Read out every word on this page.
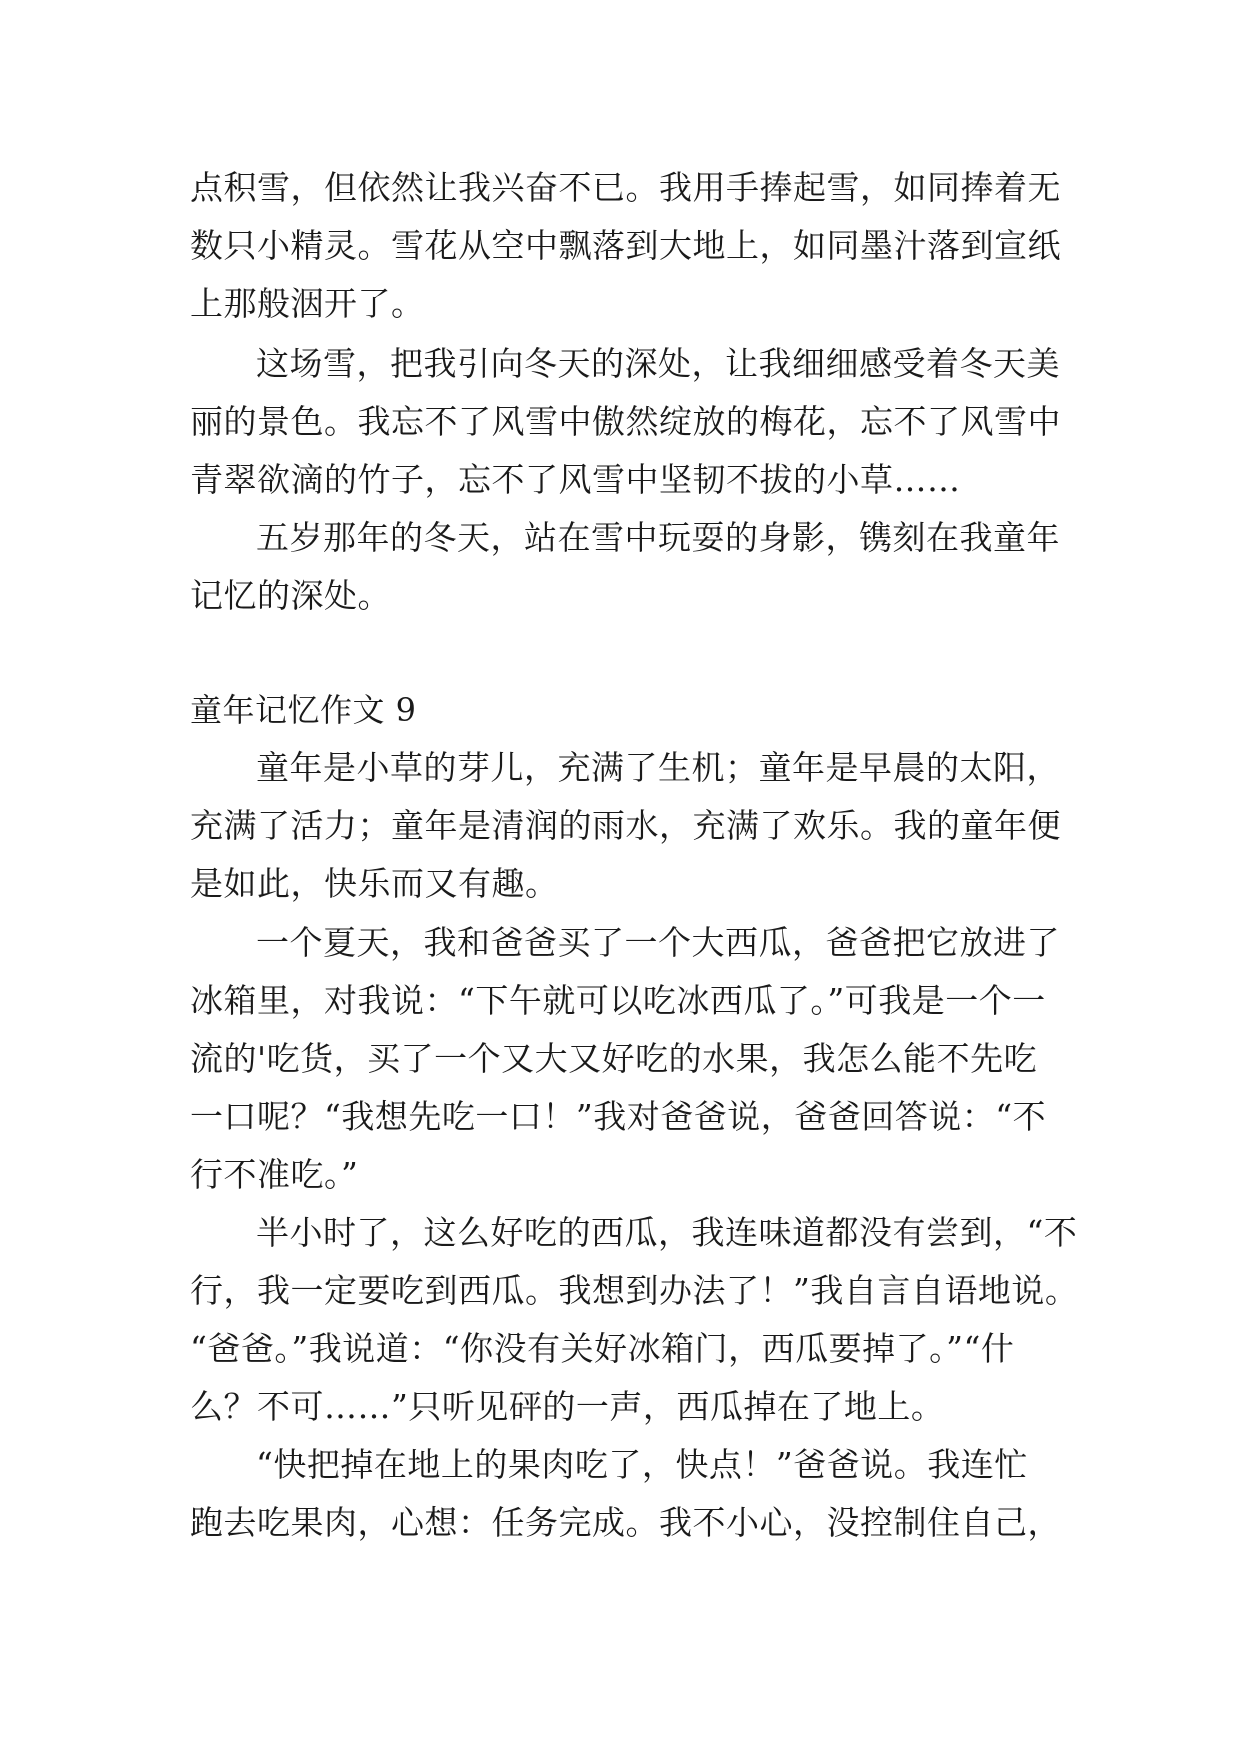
点积雪，但依然让我兴奋不已。我用手捧起雪，如同捧着无
数只小精灵。雪花从空中飘落到大地上，如同墨汁落到宣纸
上那般洇开了。
这场雪，把我引向冬天的深处，让我细细感受着冬天美
丽的景色。我忘不了风雪中傲然绽放的梅花，忘不了风雪中
青翠欲滴的竹子，忘不了风雪中坚韧不拔的小草……
五岁那年的冬天，站在雪中玩耍的身影，镌刻在我童年
记忆的深处。
童年记忆作文 9
童年是小草的芽儿，充满了生机；童年是早晨的太阳，
充满了活力；童年是清润的雨水，充满了欢乐。我的童年便
是如此，快乐而又有趣。
一个夏天，我和爸爸买了一个大西瓜，爸爸把它放进了
冰箱里，对我说：“下午就可以吃冰西瓜了。”可我是一个一
流的'吃货，买了一个又大又好吃的水果，我怎么能不先吃
一口呢？“我想先吃一口！”我对爸爸说，爸爸回答说：“不
行不准吃。”
半小时了，这么好吃的西瓜，我连味道都没有尝到，“不
行，我一定要吃到西瓜。我想到办法了！”我自言自语地说。
“爸爸。”我说道：“你没有关好冰箱门，西瓜要掉了。”“什
么？不可……”只听见砰的一声，西瓜掉在了地上。
“快把掉在地上的果肉吃了，快点！”爸爸说。我连忙
跑去吃果肉，心想：任务完成。我不小心，没控制住自己，
